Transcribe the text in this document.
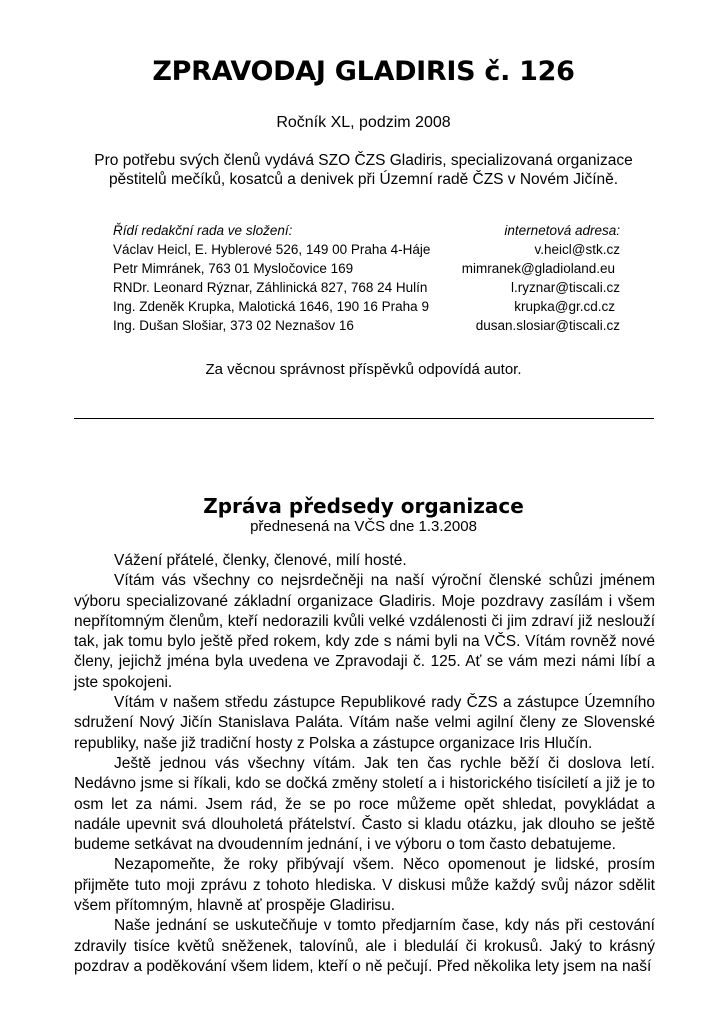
ZPRAVODAJ GLADIRIS č. 126
Ročník XL, podzim 2008
Pro potřebu svých členů vydává SZO ČZS Gladiris, specializovaná organizace
pěstitelů mečíků, kosatců a denivek při Územní radě ČZS v Novém Jičíně.
Řídí redakční rada ve složení:	internetová adresa:
Václav Heicl, E. Hyblerové 526, 149 00 Praha 4-Háje	v.heicl@stk.cz
Petr Mimránek, 763 01 Mysločovice 169	mimranek@gladioland.eu
RNDr. Leonard Rýznar, Záhlinická 827, 768 24 Hulín	l.ryznar@tiscali.cz
Ing. Zdeněk Krupka, Malotická 1646, 190 16 Praha 9	krupka@gr.cd.cz
Ing. Dušan Slošiar, 373 02 Neznašov 16	dusan.slosiar@tiscali.cz
Za věcnou správnost příspěvků odpovídá autor.
Zpráva předsedy organizace
přednesená na VČS dne 1.3.2008

Vážení přátelé, členky, členové, milí hosté.

Vítám vás všechny co nejsrdečněji na naší výroční členské schůzi jménem výboru specializované základní organizace Gladiris. Moje pozdravy zasílám i všem nepřítomným členům, kteří nedorazili kvůli velké vzdálenosti či jim zdraví již neslouží tak, jak tomu bylo ještě před rokem, kdy zde s námi byli na VČS. Vítám rovněž nové členy, jejichž jména byla uvedena ve Zpravodaji č. 125. Ať se vám mezi námi líbí a jste spokojeni.

Vítám v našem středu zástupce Republikové rady ČZS a zástupce Územního sdružení Nový Jičín Stanislava Paláta. Vítám naše velmi agilní členy ze Slovenské republiky, naše již tradiční hosty z Polska a zástupce organizace Iris Hlučín.

Ještě jednou vás všechny vítám. Jak ten čas rychle běží či doslova letí. Nedávno jsme si říkali, kdo se dočká změny století a i historického tisíciletí a již je to osm let za námi. Jsem rád, že se po roce můžeme opět shledat, povykládat a nadále upevnit svá dlouholetá přátelství. Často si kladu otázku, jak dlouho se ještě budeme setkávat na dvoudenním jednání, i ve výboru o tom často debatujeme.

Nezapomeňte, že roky přibývají všem. Něco opomenout je lidské, prosím přijměte tuto moji zprávu z tohoto hlediska. V diskusi může každý svůj názor sdělit všem přítomným, hlavně ať prospěje Gladirisu.

Naše jednání se uskutečňuje v tomto předjarním čase, kdy nás při cestování zdravily tisíce květů sněženek, talovínů, ale i bleduláí či krokusů. Jaký to krásný pozdrav a poděkování všem lidem, kteří o ně pečují. Před několika lety jsem na naší
